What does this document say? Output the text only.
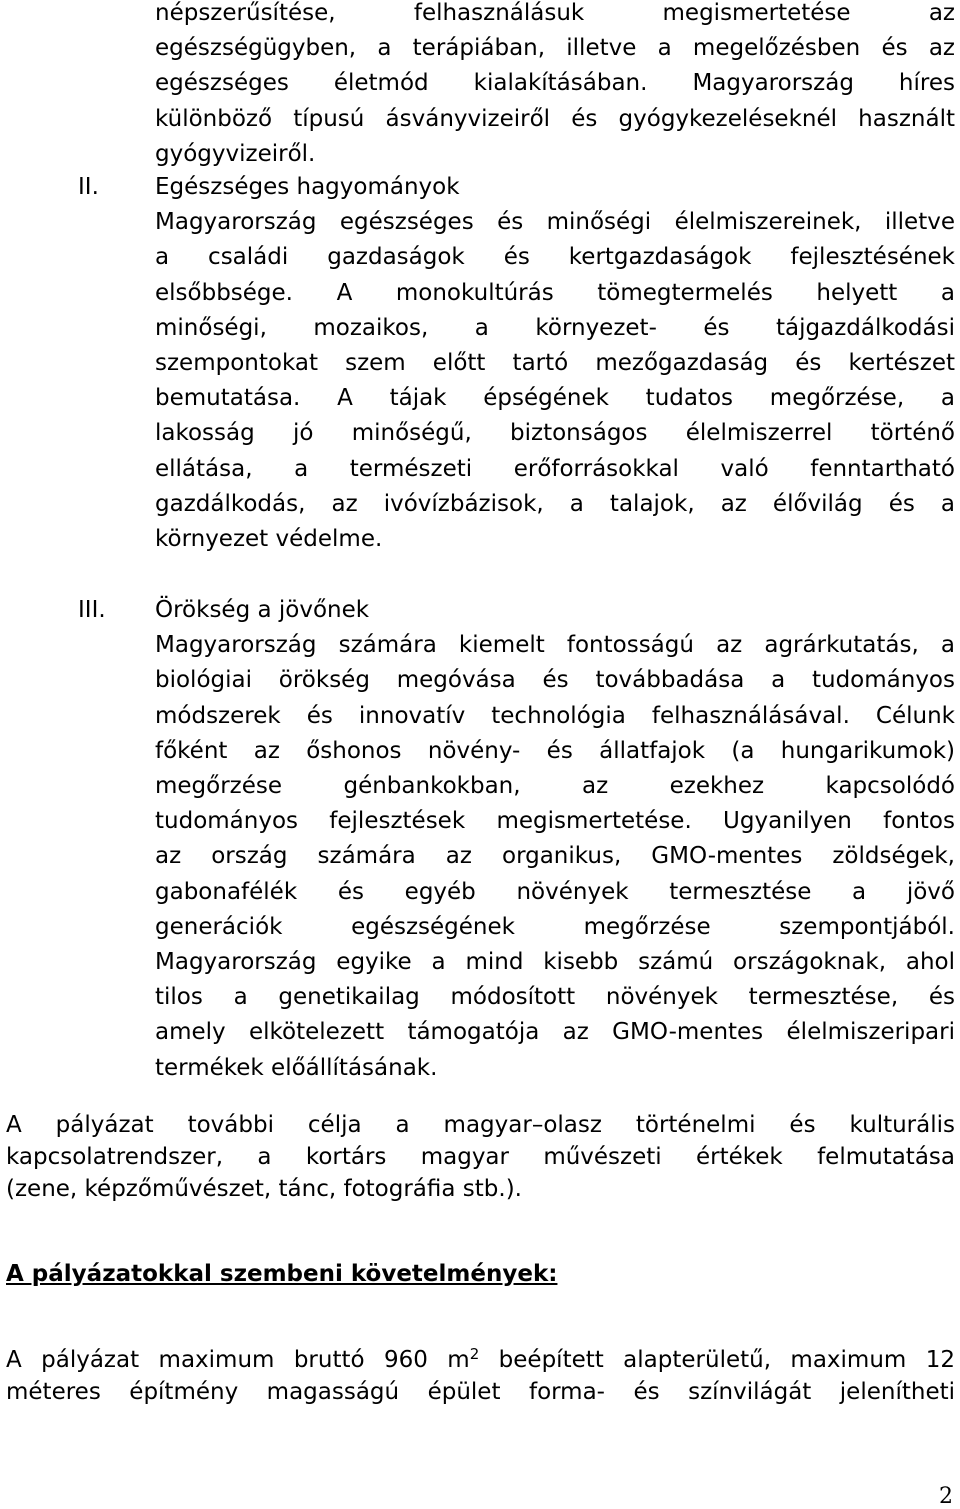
népszerűsítése, felhasználásuk megismertetése az

egészségügyben, a terápiában, illetve a megelőzésben és az

egészséges életmód kialakításában. Magyarország híres

különböző típusú ásványvizeiről és gyógykezeléseknél használt

gyógyvizeiről.

II. Egészséges hagyományok

Magyarország egészséges és minőségi élelmiszereinek, illetve

a családi gazdaságok és kertgazdaságok fejlesztésének

elsőbbsége. A monokultúrás tömegtermelés helyett a

minőségi, mozaikos, a környezet- és tájgazdálkodási

szempontokat szem előtt tartó mezőgazdaság és kertészet

bemutatása. A tájak épségének tudatos megőrzése, a

lakosság jó minőségű, biztonságos élelmiszerrel történő

ellátása, a természeti erőforrásokkal való fenntartható

gazdálkodás, az ivóvízbázisok, a talajok, az élővilág és a

környezet védelme.

III. Örökség a jövőnek

Magyarország számára kiemelt fontosságú az agrárkutatás, a

biológiai örökség megóvása és továbbadása a tudományos

módszerek és innovatív technológia felhasználásával. Célunk

főként az őshonos növény- és állatfajok (a hungarikumok)

megőrzése génbankokban, az ezekhez kapcsolódó

tudományos fejlesztések megismertetése. Ugyanilyen fontos

az ország számára az organikus, GMO-mentes zöldségek,

gabonafélék és egyéb növények termesztése a jövő

generációk egészségének megőrzése szempontjából.

Magyarország egyike a mind kisebb számú országoknak, ahol

tilos a genetikailag módosított növények termesztése, és

amely elkötelezett támogatója az GMO-mentes élelmiszeripari

termékek előállításának.

A pályázat további célja a magyar–olasz történelmi és kulturális

kapcsolatrendszer, a kortárs magyar művészeti értékek felmutatása

(zene, képzőművészet, tánc, fotográfia stb.).

A pályázatokkal szembeni követelmények:

A pályázat maximum bruttó 960 $m^2$ beépített alapterületű, maximum 12

méteres építmény magasságú épület forma- és színvilágát jelenítheti

2
